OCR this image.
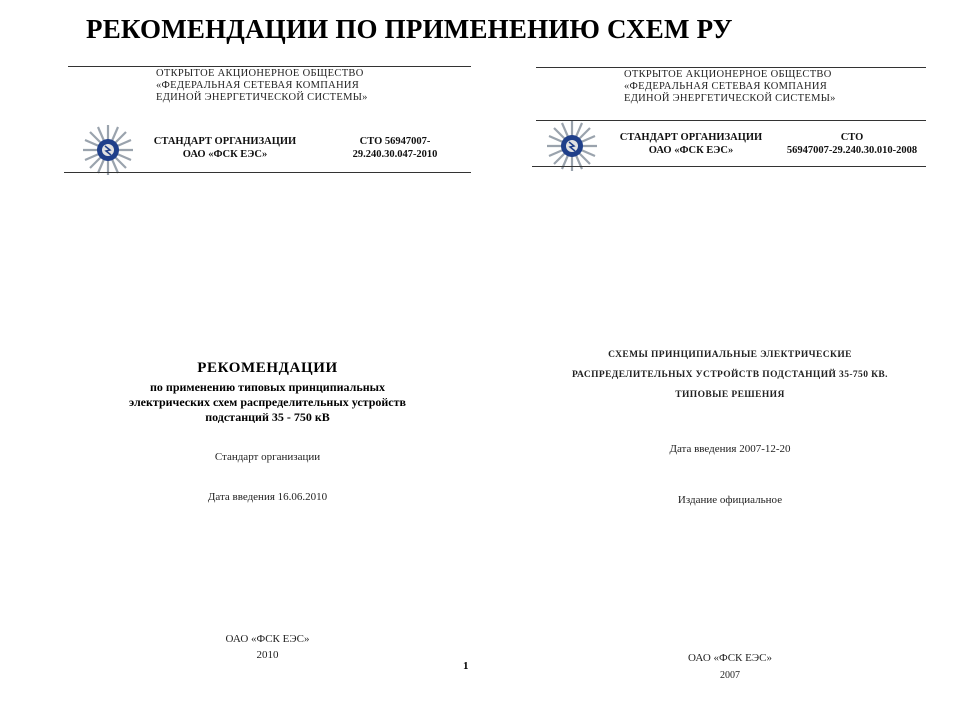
РЕКОМЕНДАЦИИ ПО ПРИМЕНЕНИЮ СХЕМ РУ
ОТКРЫТОЕ АКЦИОНЕРНОЕ ОБЩЕСТВО
«ФЕДЕРАЛЬНАЯ СЕТЕВАЯ КОМПАНИЯ
ЕДИНОЙ ЭНЕРГЕТИЧЕСКОЙ СИСТЕМЫ»
СТАНДАРТ ОРГАНИЗАЦИИ
ОАО «ФСК ЕЭС»
СТО 56947007-
29.240.30.047-2010
РЕКОМЕНДАЦИИ
по применению типовых принципиальных
электрических схем распределительных устройств
подстанций 35 - 750 кВ
Стандарт организации
Дата введения 16.06.2010
ОАО «ФСК ЕЭС»
2010
1
ОТКРЫТОЕ АКЦИОНЕРНОЕ ОБЩЕСТВО
«ФЕДЕРАЛЬНАЯ СЕТЕВАЯ КОМПАНИЯ
ЕДИНОЙ ЭНЕРГЕТИЧЕСКОЙ СИСТЕМЫ»
СТАНДАРТ ОРГАНИЗАЦИИ
ОАО «ФСК ЕЭС»
СТО
56947007-29.240.30.010-2008
СХЕМЫ ПРИНЦИПИАЛЬНЫЕ ЭЛЕКТРИЧЕСКИЕ
РАСПРЕДЕЛИТЕЛЬНЫХ УСТРОЙСТВ ПОДСТАНЦИЙ 35-750 КВ.
ТИПОВЫЕ РЕШЕНИЯ
Дата введения 2007-12-20
Издание официальное
ОАО «ФСК ЕЭС»
2007
